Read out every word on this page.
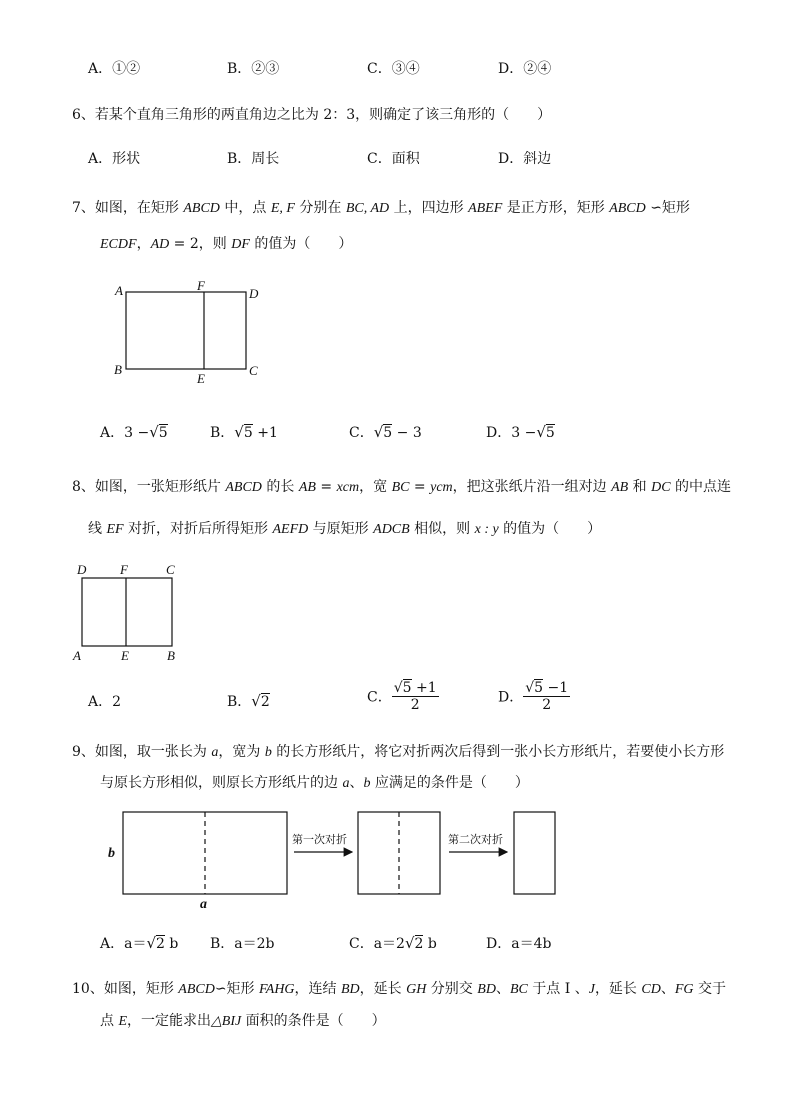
A．①②	B．②③	C．③④	D．②④
6、若某个直角三角形的两直角边之比为 2：3，则确定了该三角形的（　　）
A．形状	B．周长	C．面积	D．斜边
7、如图，在矩形 ABCD 中，点 E, F 分别在 BC, AD 上，四边形 ABEF 是正方形，矩形 ABCD ∽矩形
ECDF，AD = 2，则 DF 的值为（　　）
A	F
D
B
E
C
A．3 −√5	B．√5 +1	C．√5 − 3	D．3 −√5
8、如图，一张矩形纸片 ABCD 的长 AB = xcm，宽 BC = ycm，把这张纸片沿一组对边 AB 和 DC 的中点连
线 EF 对折，对折后所得矩形 AEFD 与原矩形 ADCB 相似，则 x : y 的值为（　　）
D	F	C
A	E	B
A．2	B．√2	C． $\frac{√5 +1}{2}$	D． $\frac{√5 -1}{2}$
9、如图，取一张长为 a，宽为 b 的长方形纸片，将它对折两次后得到一张小长方形纸片，若要使小长方形
与原长方形相似，则原长方形纸片的边 a、b 应满足的条件是（　　）
b
a
第一次对折	第二次对折
A．a＝√2 b B．a＝2b	C．a＝2√2 b	D．a＝4b
10、如图，矩形 ABCD∽矩形 FAHG，连结 BD，延长 GH 分别交 BD、BC 于点 I 、J，延长 CD、FG 交于
点 E，一定能求出△BIJ 面积的条件是（　　）
